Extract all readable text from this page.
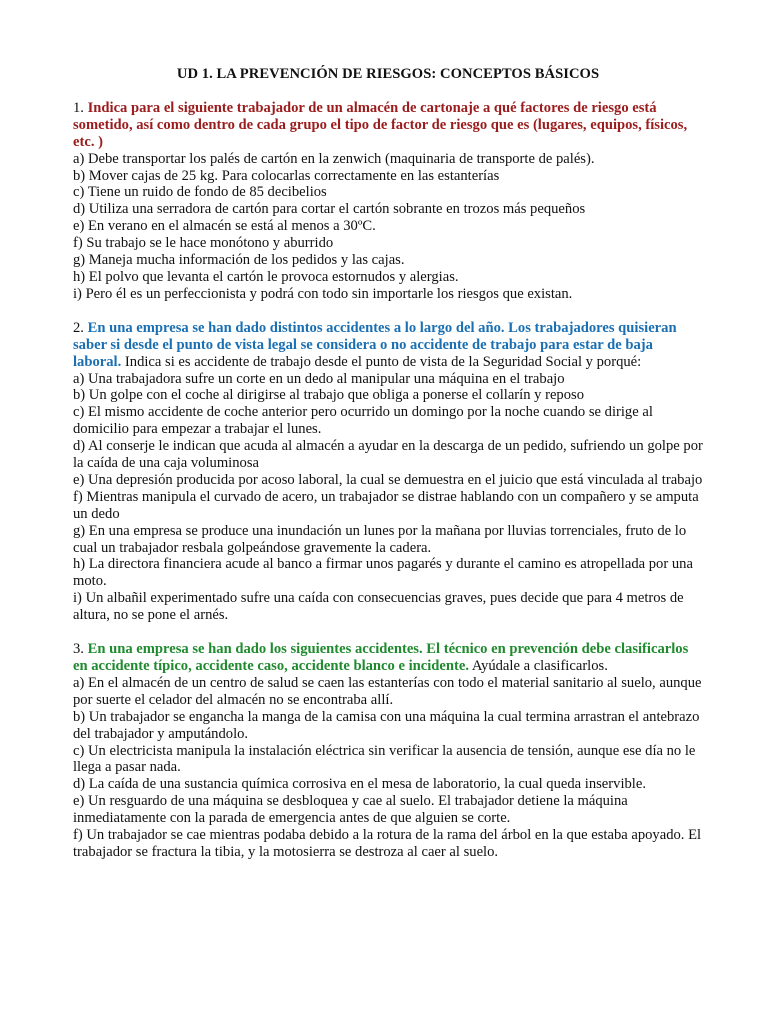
UD 1. LA PREVENCIÓN DE RIESGOS: CONCEPTOS BÁSICOS

1. Indica para el siguiente trabajador de un almacén de cartonaje a qué factores de riesgo está sometido, así como dentro de cada grupo el tipo de factor de riesgo que es (lugares, equipos, físicos, etc. )

a) Debe transportar los palés de cartón en la zenwich (maquinaria de transporte de palés).
b) Mover cajas de 25 kg. Para colocarlas correctamente en las estanterías
c) Tiene un ruido de fondo de 85 decibelios
d) Utiliza una serradora de cartón para cortar el cartón sobrante en trozos más pequeños
e) En verano en el almacén se está al menos a 30ºC.
f) Su trabajo se le hace monótono y aburrido
g) Maneja mucha información de los pedidos y las cajas.
h) El polvo que levanta el cartón le provoca estornudos y alergias.
i) Pero él es un perfeccionista y podrá con todo sin importarle los riesgos que existan.

2. En una empresa se han dado distintos accidentes a lo largo del año. Los trabajadores quisieran saber si desde el punto de vista legal se considera o no accidente de trabajo para estar de baja laboral. Indica si es accidente de trabajo desde el punto de vista de la Seguridad Social y porqué:

a) Una trabajadora sufre un corte en un dedo al manipular una máquina en el trabajo
b) Un golpe con el coche al dirigirse al trabajo que obliga a ponerse el collarín y reposo
c) El mismo accidente de coche anterior pero ocurrido un domingo por la noche cuando se dirige al domicilio para empezar a trabajar el lunes.
d) Al conserje le indican que acuda al almacén a ayudar en la descarga de un pedido, sufriendo un golpe por la caída de una caja voluminosa
e) Una depresión producida por acoso laboral, la cual se demuestra en el juicio que está vinculada al trabajo
f) Mientras manipula el curvado de acero, un trabajador se distrae hablando con un compañero y se amputa un dedo
g) En una empresa se produce una inundación un lunes por la mañana por lluvias torrenciales, fruto de lo cual un trabajador resbala golpeándose gravemente la cadera.
h) La directora financiera acude al banco a firmar unos pagarés y durante el camino es atropellada por una moto.
i) Un albañil experimentado sufre una caída con consecuencias graves, pues decide que para 4 metros de altura, no se pone el arnés.

3. En una empresa se han dado los siguientes accidentes. El técnico en prevención debe clasificarlos en accidente típico, accidente caso, accidente blanco e incidente. Ayúdale a clasificarlos.

a) En el almacén de un centro de salud se caen las estanterías con todo el material sanitario al suelo, aunque por suerte el celador del almacén no se encontraba allí.
b) Un trabajador se engancha la manga de la camisa con una máquina la cual termina arrastran el antebrazo del trabajador y amputándolo.
c) Un electricista manipula la instalación eléctrica sin verificar la ausencia de tensión, aunque ese día no le llega a pasar nada.
d) La caída de una sustancia química corrosiva en el mesa de laboratorio, la cual queda inservible.
e) Un resguardo de una máquina se desbloquea y cae al suelo. El trabajador detiene la máquina inmediatamente con la parada de emergencia antes de que alguien se corte.
f) Un trabajador se cae mientras podaba debido a la rotura de la rama del árbol en la que estaba apoyado. El trabajador se fractura la tibia, y la motosierra se destroza al caer al suelo.
